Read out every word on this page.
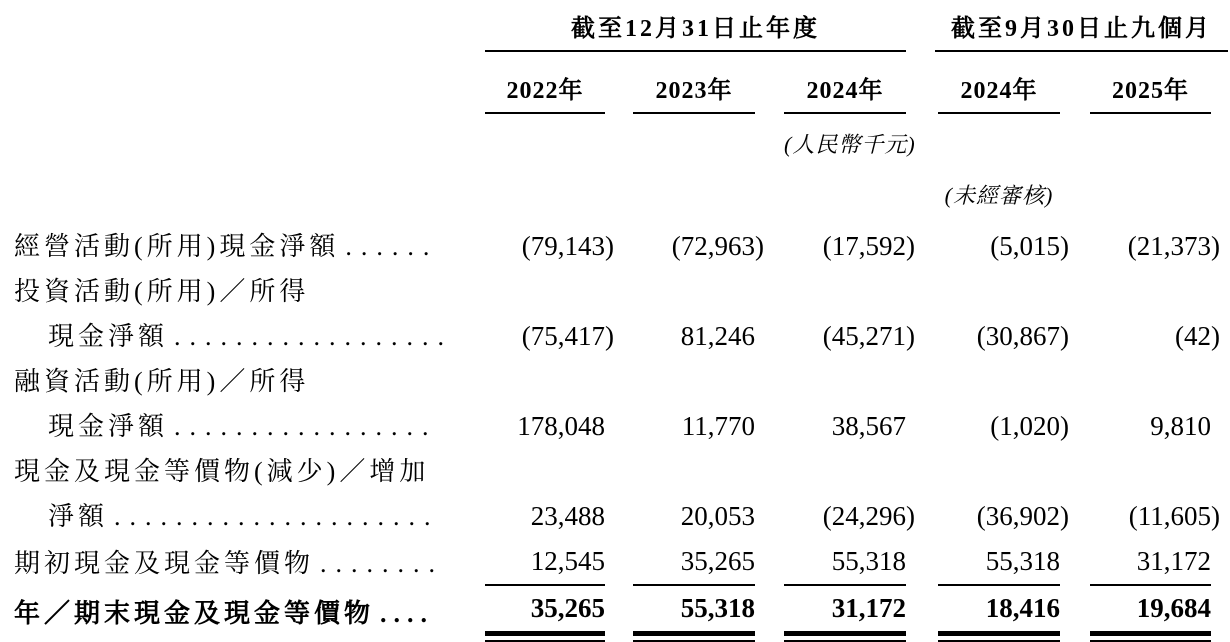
截至12月31日止年度	截至9月30日止九個月
2022年	2023年	2024年	2024年	2025年
(人民幣千元)
(未經審核)
經營活動(所用)現金淨額 ......	(79,143)	(72,963)	(17,592)	(5,015)	(21,373)
投資活動(所用)／所得
現金淨額 ..................	(75,417)	81,246	(45,271)	(30,867)	(42)
融資活動(所用)／所得
現金淨額 .................	178,048	11,770	38,567	(1,020)	9,810
現金及現金等價物(減少)／增加
淨額 .....................	23,488	20,053	(24,296)	(36,902)	(11,605)
期初現金及現金等價物 ........	12,545	35,265	55,318	55,318	31,172
年／期末現金及現金等價物 ....	35,265	55,318	31,172	18,416	19,684
